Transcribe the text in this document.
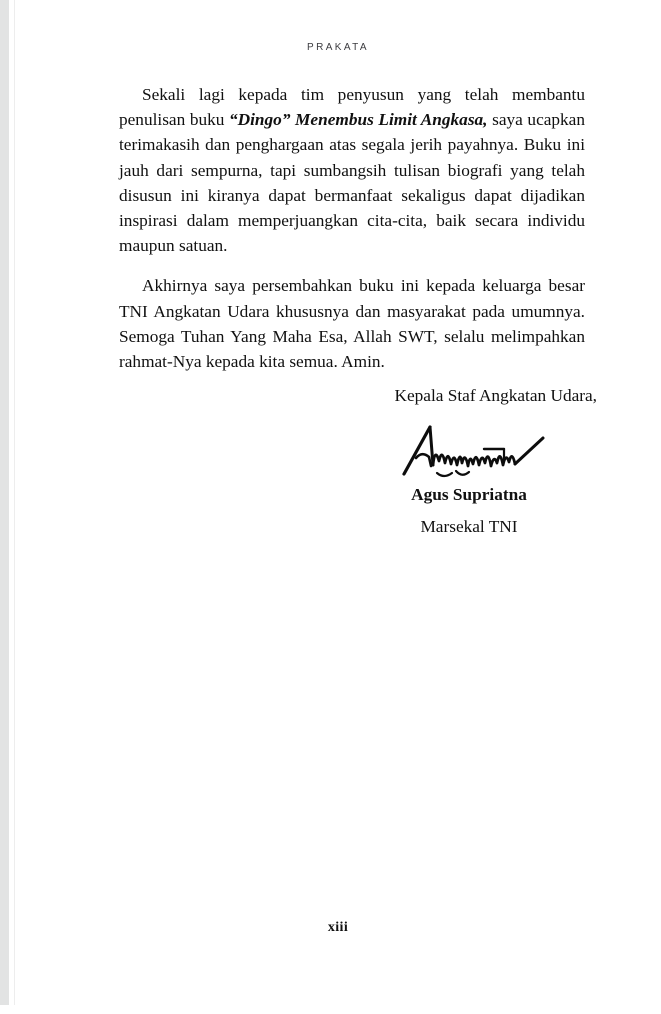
PRAKATA

Sekali lagi kepada tim penyusun yang telah membantu penulisan buku “Dingo” Menembus Limit Angkasa, saya ucapkan terimakasih dan penghargaan atas segala jerih payahnya. Buku ini jauh dari sempurna, tapi sumbangsih tulisan biografi yang telah disusun ini kiranya dapat bermanfaat sekaligus dapat dijadikan inspirasi dalam memperjuangkan cita-cita, baik secara individu maupun satuan.

Akhirnya saya persembahkan buku ini kepada keluarga besar TNI Angkatan Udara khususnya dan masyarakat pada umumnya. Semoga Tuhan Yang Maha Esa, Allah SWT, selalu melimpahkan rahmat-Nya kepada kita semua. Amin.

Kepala Staf Angkatan Udara,
Agus Supriatna
Marsekal TNI
xiii
